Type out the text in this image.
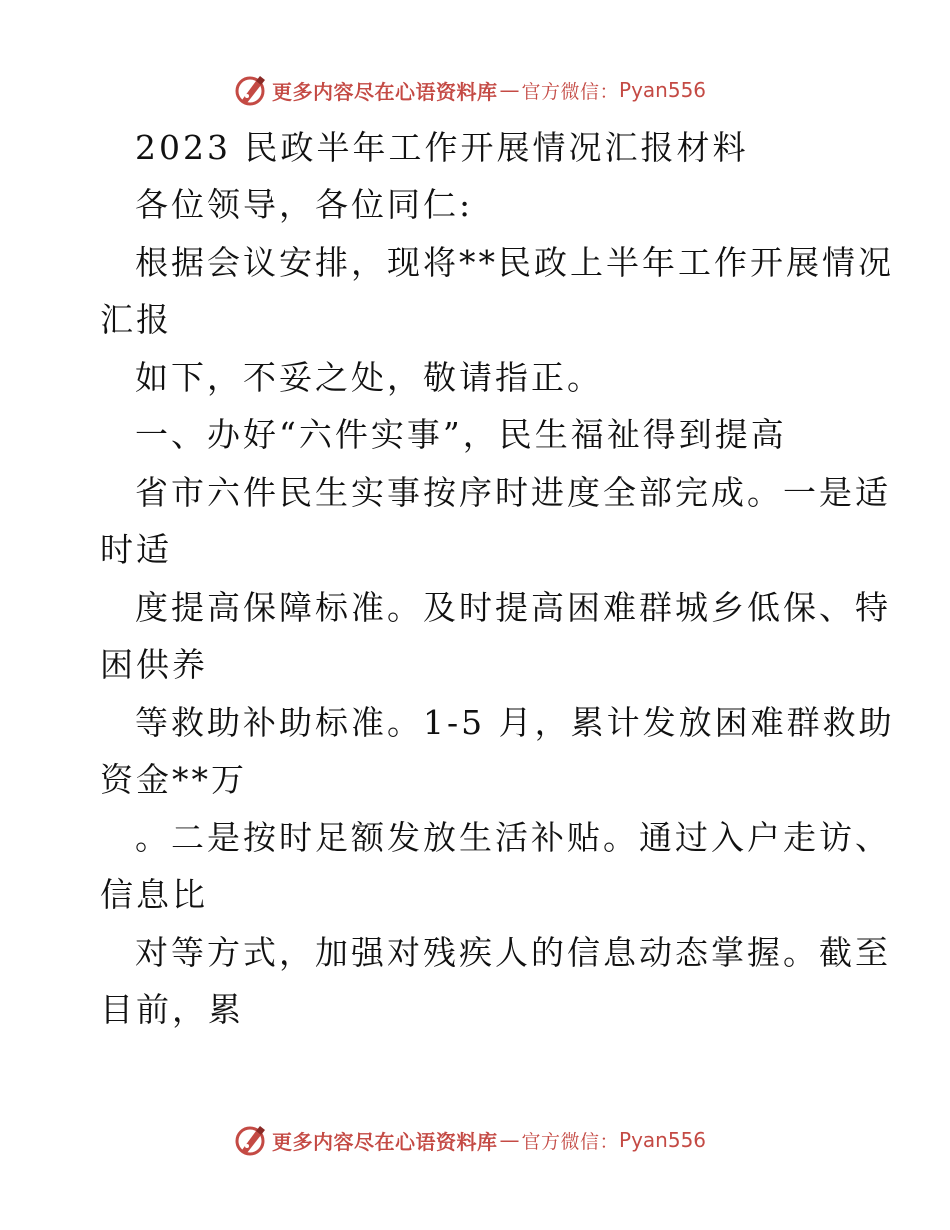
更多内容尽在心语资料库 — 官方微信： Pyan556
2023 民政半年工作开展情况汇报材料
各位领导，各位同仁:
根据会议安排，现将**民政上半年工作开展情况
汇报
如下，不妥之处，敬请指正。
一、办好“六件实事”，民生福祉得到提高
省市六件民生实事按序时进度全部完成。一是适
时适
度提高保障标准。及时提高困难群城乡低保、特
困供养
等救助补助标准。1-5 月，累计发放困难群救助
资金**万
。二是按时足额发放生活补贴。通过入户走访、
信息比
对等方式，加强对残疾人的信息动态掌握。截至
目前，累
更多内容尽在心语资料库 — 官方微信： Pyan556
